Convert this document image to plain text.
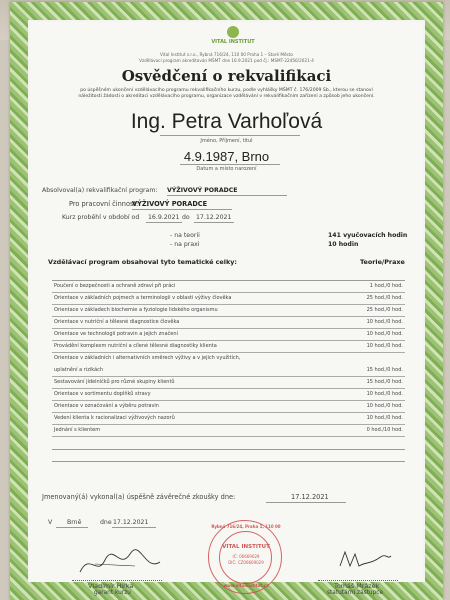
VITAL INSTITUT
Vital Institut s.r.o., Rybná 716/24, 110 00 Praha 1 – Staré Město
Vzdělávací program akreditován MŠMT dne 16.9.2021 pod čj.: MSMT-22456/2021-4
Osvědčení o rekvalifikaci
po úspěšném ukončení vzdělávacího programu rekvalifikačního kurzu, podle vyhlášky MŠMT č. 176/2009 Sb., kterou se stanoví
náležitosti žádosti o akreditaci vzdělávacího programu, organizace vzdělávání v rekvalifikačním zařízení a způsob jeho ukončení.
Ing. Petra Varhoľová
Jméno, Příjmení, titul
4.9.1987, Brno
Datum a místo narození
Absolvoval(a) rekvalifikační program: VÝŽIVOVÝ PORADCE
Pro pracovní činnost:
VÝŽIVOVÝ PORADCE
Kurz proběhl v období od 16.9.2021 do 17.12.2021
- na teorii	141 vyučovacích hodin
- na praxi	10 hodin
Vzdělávací program obsahoval tyto tematické celky:	Teorie/Praxe
Poučení o bezpečnosti a ochraně zdraví při práci	1 hod./0 hod.
Orientace v základních pojmech a terminologii v oblasti výživy člověka	25 hod./0 hod.
Orientace v základech biochemie a fyziologie lidského organismu	25 hod./0 hod.
Orientace v nutriční a tělesné diagnostice člověka	10 hod./0 hod.
Orientace ve technologii potravin a jejich značení	10 hod./0 hod.
Provádění komplexm nutriční a cílené tělesné diagnostiky klienta	10 hod./0 hod.
Orientace v základních i alternativních směrech výživy a v jejich využitích,
uplatnění a rizikách	15 hod./0 hod.
Sestavování jídelníčků pro různé skupiny klientů	15 hod./0 hod.
Orientace v sortimentu doplňků stravy	10 hod./0 hod.
Orientace v označování a výběru potravin	10 hod./0 hod.
Vedení klienta k racionalizaci výživových nazorů	10 hod./0 hod.
Jednání s klientem	0 hod./10 hod.
Jmenovaný(á) vykonal(a) úspěšně závěrečné zkoušky dne:	17.12.2021
V Brně	dne 17.12.2021
Vladimír Hirka
garant kurzu
Tomáš Mrázek
statutární zástupce
Rybná 716/24, Praha 1, 110 00
VITAL INSTITUT
IČ: 06669029
DIČ: CZ06669029
www.vitalinstitut.cz
